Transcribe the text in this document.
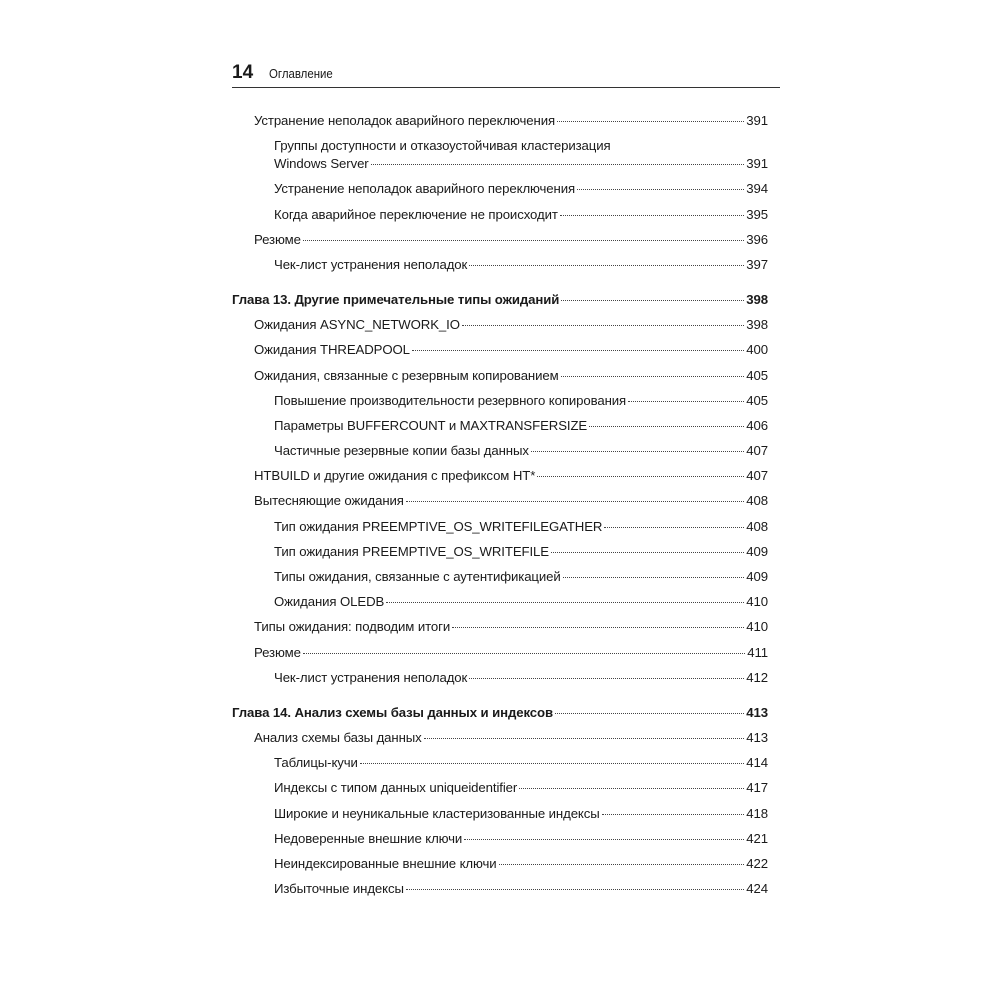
14 Оглавление
Устранение неполадок аварийного переключения	391
Группы доступности и отказоустойчивая кластеризация
Windows Server	391
Устранение неполадок аварийного переключения	394
Когда аварийное переключение не происходит	395
Резюме	396
Чек-лист устранения неполадок	397
Глава 13. Другие примечательные типы ожиданий	398
Ожидания ASYNC_NETWORK_IO	398
Ожидания THREADPOOL	400
Ожидания, связанные с резервным копированием	405
Повышение производительности резервного копирования	405
Параметры BUFFERCOUNT и MAXTRANSFERSIZE	406
Частичные резервные копии базы данных	407
HTBUILD и другие ожидания с префиксом HT*	407
Вытесняющие ожидания	408
Тип ожидания PREEMPTIVE_OS_WRITEFILEGATHER	408
Тип ожидания PREEMPTIVE_OS_WRITEFILE	409
Типы ожидания, связанные с аутентификацией	409
Ожидания OLEDB	410
Типы ожидания: подводим итоги	410
Резюме	411
Чек-лист устранения неполадок	412
Глава 14. Анализ схемы базы данных и индексов	413
Анализ схемы базы данных	413
Таблицы-кучи	414
Индексы с типом данных uniqueidentifier	417
Широкие и неуникальные кластеризованные индексы	418
Недоверенные внешние ключи	421
Неиндексированные внешние ключи	422
Избыточные индексы	424
